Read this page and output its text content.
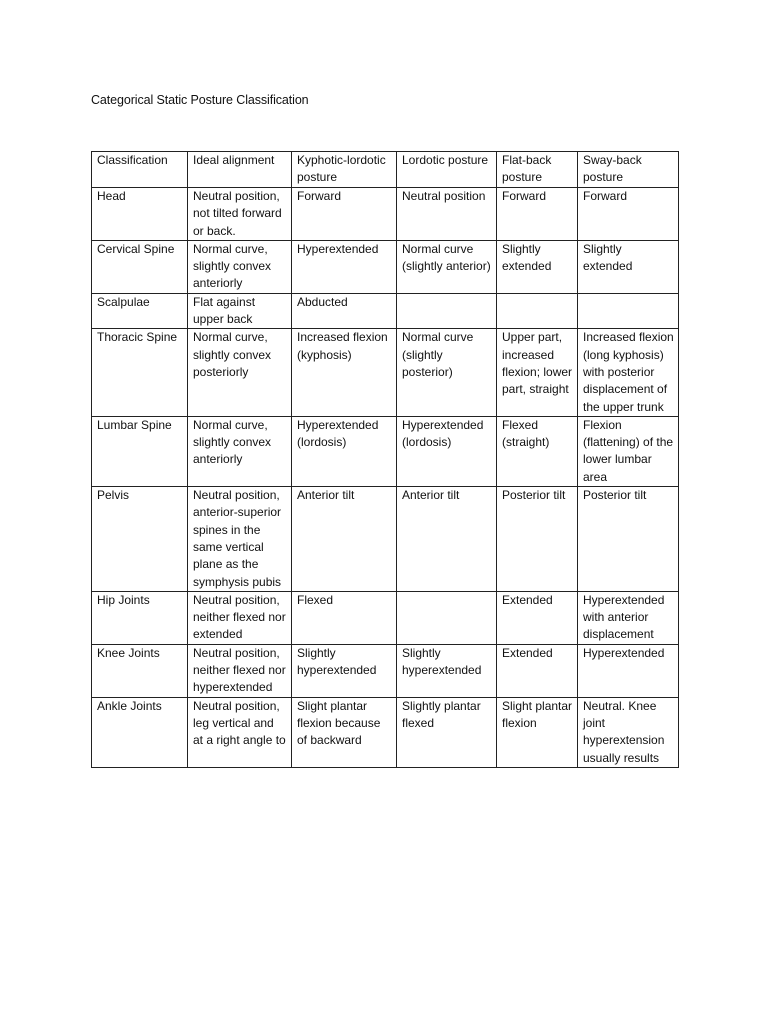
Categorical Static Posture Classification
Classification	Ideal alignment	Kyphotic-lordotic posture	Lordotic posture	Flat-back posture	Sway-back posture
Head	Neutral position, not tilted forward or back.	Forward	Neutral position	Forward	Forward
Cervical Spine	Normal curve, slightly convex anteriorly	Hyperextended	Normal curve (slightly anterior)	Slightly extended	Slightly extended
Scalpulae	Flat against upper back	Abducted			
Thoracic Spine	Normal curve, slightly convex posteriorly	Increased flexion (kyphosis)	Normal curve (slightly posterior)	Upper part, increased flexion; lower part, straight	Increased flexion (long kyphosis) with posterior displacement of the upper trunk
Lumbar Spine	Normal curve, slightly convex anteriorly	Hyperextended (lordosis)	Hyperextended (lordosis)	Flexed (straight)	Flexion (flattening) of the lower lumbar area
Pelvis	Neutral position, anterior-superior spines in the same vertical plane as the symphysis pubis	Anterior tilt	Anterior tilt	Posterior tilt	Posterior tilt
Hip Joints	Neutral position, neither flexed nor extended	Flexed		Extended	Hyperextended with anterior displacement
Knee Joints	Neutral position, neither flexed nor hyperextended	Slightly hyperextended	Slightly hyperextended	Extended	Hyperextended
Ankle Joints	Neutral position, leg vertical and at a right angle to	Slight plantar flexion because of backward	Slightly plantar flexed	Slight plantar flexion	Neutral. Knee joint hyperextension usually results
